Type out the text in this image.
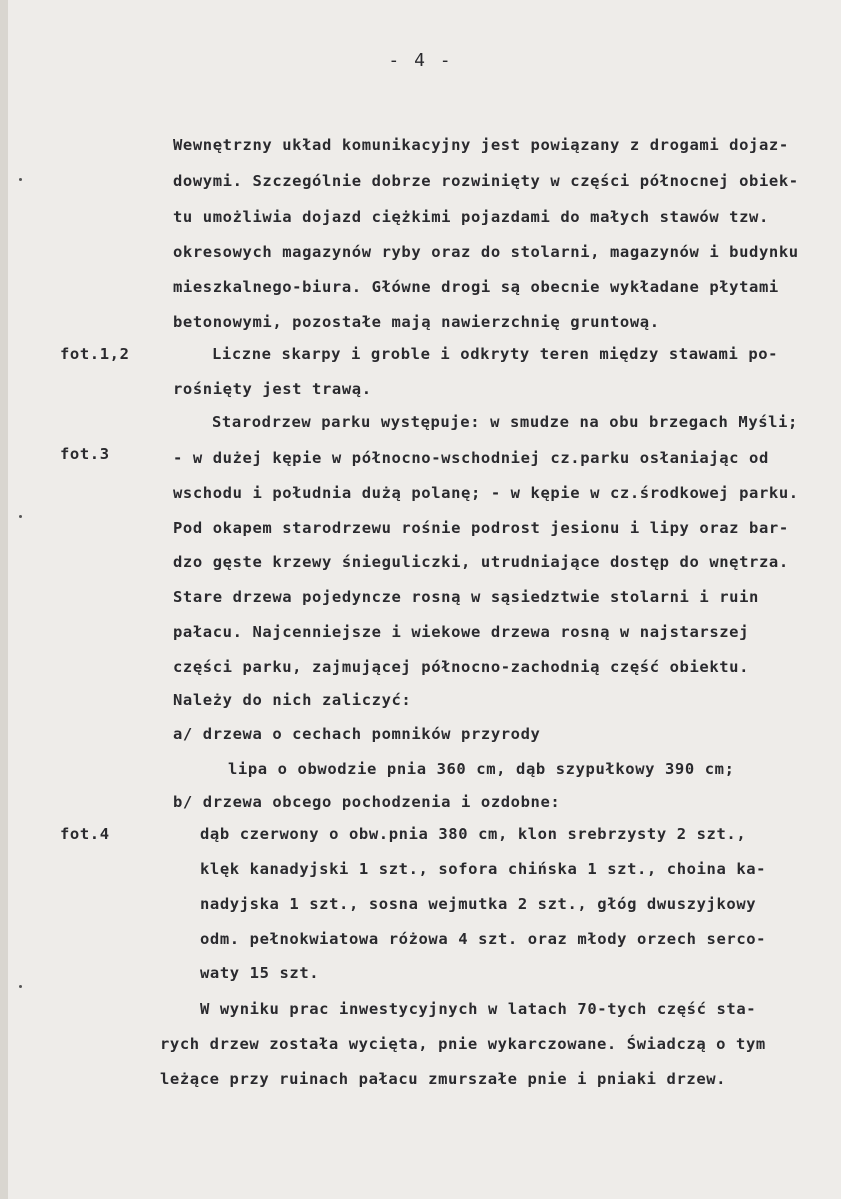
- 4 -
fot.1,2
fot.3
fot.4
Wewnętrzny układ komunikacyjny jest powiązany z drogami dojaz-
dowymi. Szczególnie dobrze rozwinięty w części północnej obiek-
tu umożliwia dojazd ciężkimi pojazdami do małych stawów tzw.
okresowych magazynów ryby oraz do stolarni, magazynów i budynku
mieszkalnego-biura. Główne drogi są obecnie wykładane płytami
betonowymi, pozostałe mają nawierzchnię gruntową.
Liczne skarpy i groble i odkryty teren między stawami po-
rośnięty jest trawą.
Starodrzew parku występuje: w smudze na obu brzegach Myśli;
- w dużej kępie w północno-wschodniej cz.parku osłaniając od
wschodu i południa dużą polanę; - w kępie w cz.środkowej parku.
Pod okapem starodrzewu rośnie podrost jesionu i lipy oraz bar-
dzo gęste krzewy śnieguliczki, utrudniające dostęp do wnętrza.
Stare drzewa pojedyncze rosną w sąsiedztwie stolarni i ruin
pałacu. Najcenniejsze i wiekowe drzewa rosną w najstarszej
części parku, zajmującej północno-zachodnią część obiektu.
Należy do nich zaliczyć:
a/ drzewa o cechach pomników przyrody
lipa o obwodzie pnia 360 cm, dąb szypułkowy 390 cm;
b/ drzewa obcego pochodzenia i ozdobne:
dąb czerwony o obw.pnia 380 cm, klon srebrzysty 2 szt.,
klęk kanadyjski 1 szt., sofora chińska 1 szt., choina ka-
nadyjska 1 szt., sosna wejmutka 2 szt., głóg dwuszyjkowy
odm. pełnokwiatowa różowa 4 szt. oraz młody orzech serco-
waty 15 szt.
W wyniku prac inwestycyjnych w latach 70-tych część sta-
rych drzew została wycięta, pnie wykarczowane. Świadczą o tym
leżące przy ruinach pałacu zmurszałe pnie i pniaki drzew.
